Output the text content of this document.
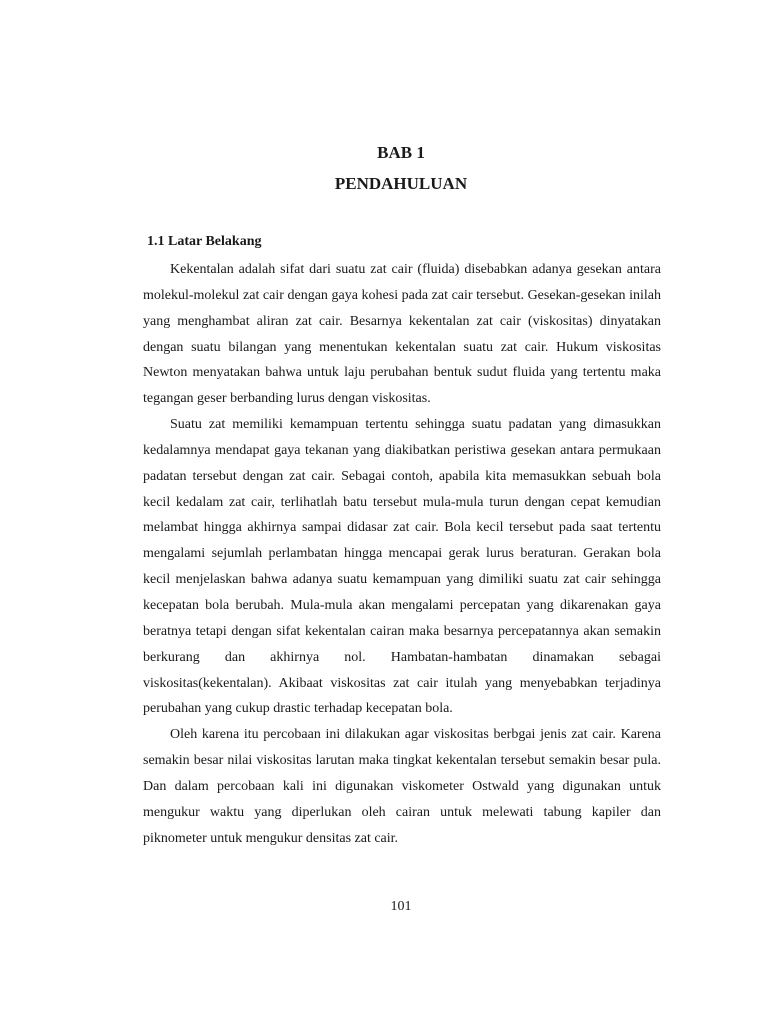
BAB 1
PENDAHULUAN
1.1 Latar Belakang

Kekentalan adalah sifat dari suatu zat cair (fluida) disebabkan adanya gesekan antara molekul-molekul zat cair dengan gaya kohesi pada zat cair tersebut. Gesekan-gesekan inilah yang menghambat aliran zat cair. Besarnya kekentalan zat cair (viskositas) dinyatakan dengan suatu bilangan yang menentukan kekentalan suatu zat cair. Hukum viskositas Newton menyatakan bahwa untuk laju perubahan bentuk sudut fluida yang tertentu maka tegangan geser berbanding lurus dengan viskositas.

Suatu zat memiliki kemampuan tertentu sehingga suatu padatan yang dimasukkan kedalamnya mendapat gaya tekanan yang diakibatkan peristiwa gesekan antara permukaan padatan tersebut dengan zat cair. Sebagai contoh, apabila kita memasukkan sebuah bola kecil kedalam zat cair, terlihatlah batu tersebut mula-mula turun dengan cepat kemudian melambat hingga akhirnya sampai didasar zat cair. Bola kecil tersebut pada saat tertentu mengalami sejumlah perlambatan hingga mencapai gerak lurus beraturan. Gerakan bola kecil menjelaskan bahwa adanya suatu kemampuan yang dimiliki suatu zat cair sehingga kecepatan bola berubah. Mula-mula akan mengalami percepatan yang dikarenakan gaya beratnya tetapi dengan sifat kekentalan cairan maka besarnya percepatannya akan semakin berkurang dan akhirnya nol. Hambatan-hambatan dinamakan sebagai viskositas(kekentalan). Akibaat viskositas zat cair itulah yang menyebabkan terjadinya perubahan yang cukup drastic terhadap kecepatan bola.

Oleh karena itu percobaan ini dilakukan agar viskositas berbgai jenis zat cair. Karena semakin besar nilai viskositas larutan maka tingkat kekentalan tersebut semakin besar pula. Dan dalam percobaan kali ini digunakan viskometer Ostwald yang digunakan untuk mengukur waktu yang diperlukan oleh cairan untuk melewati tabung kapiler dan piknometer untuk mengukur densitas zat cair.

101
